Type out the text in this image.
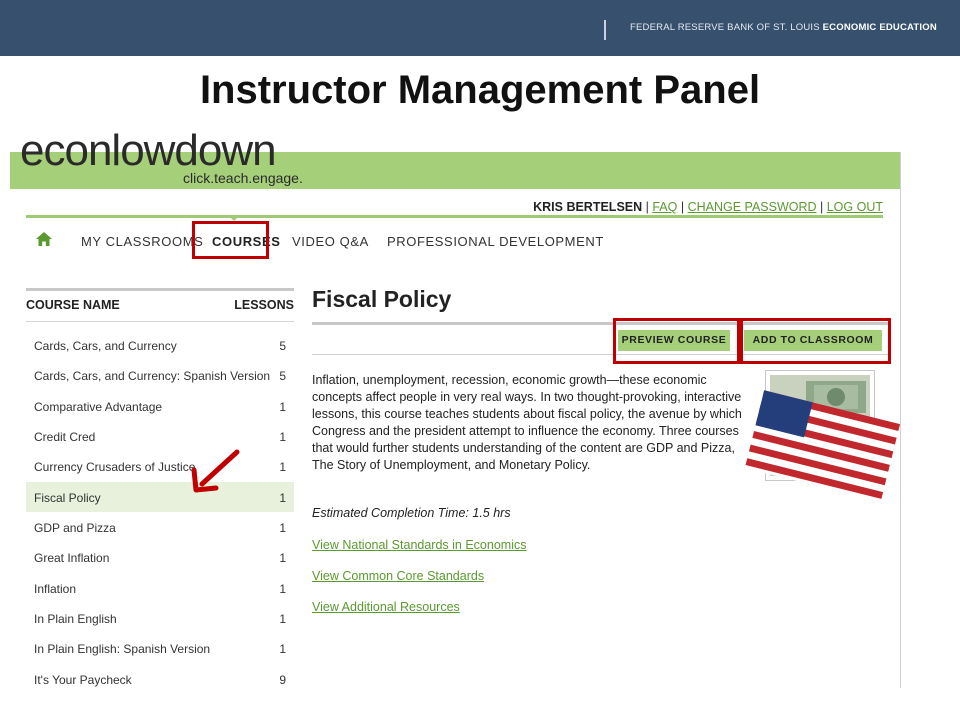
FEDERAL RESERVE BANK OF ST. LOUIS ECONOMIC EDUCATION
Instructor Management Panel
econlowdown
click.teach.engage.
KRIS BERTELSEN | FAQ | CHANGE PASSWORD | LOG OUT
MY CLASSROOMS COURSES VIDEO Q&A PROFESSIONAL DEVELOPMENT
COURSE NAME	LESSONS
Cards, Cars, and Currency	5
Cards, Cars, and Currency: Spanish Version 5
Comparative Advantage	1
Credit Cred	1
Currency Crusaders of Justice	1
Fiscal Policy	1
GDP and Pizza	1
Great Inflation	1
Inflation	1
In Plain English	1
In Plain English: Spanish Version	1
It's Your Paycheck	9
Fiscal Policy
PREVIEW COURSE	ADD TO CLASSROOM
Inflation, unemployment, recession, economic growth—these economic concepts affect people in very real ways. In two thought-provoking, interactive lessons, this course teaches students about fiscal policy, the avenue by which Congress and the president attempt to influence the economy. Three courses that would further students understanding of the content are GDP and Pizza, The Story of Unemployment, and Monetary Policy.
Estimated Completion Time: 1.5 hrs
View National Standards in Economics
View Common Core Standards
View Additional Resources
